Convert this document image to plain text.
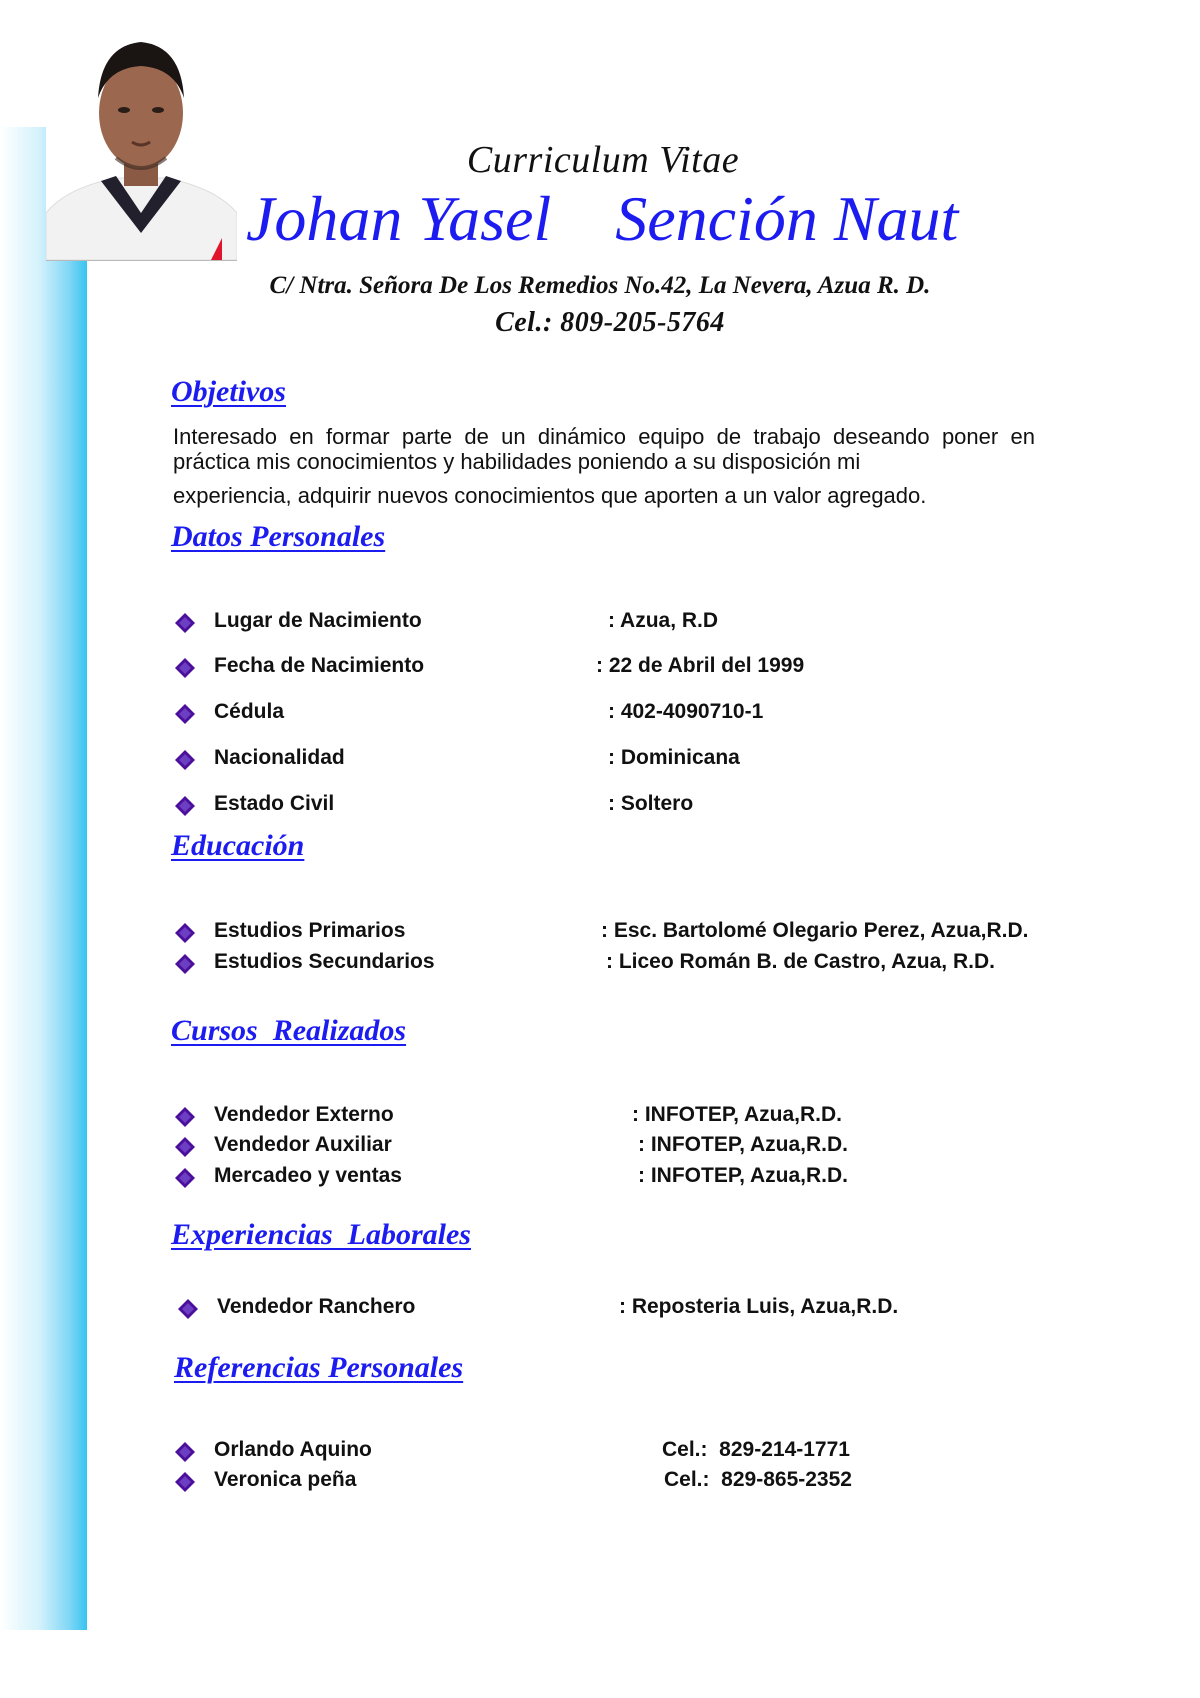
Curriculum Vitae
Johan Yasel    Sención Naut
C/ Ntra. Señora De Los Remedios No.42, La Nevera, Azua R. D.
Cel.: 809-205-5764
Objetivos

Interesado en formar parte de un dinámico equipo de trabajo deseando poner en práctica mis conocimientos y habilidades poniendo a su disposición mi
experiencia, adquirir nuevos conocimientos que aporten a un valor agregado.

Datos Personales
Lugar de Nacimiento	: Azua, R.D
Fecha de Nacimiento	: 22 de Abril del 1999
Cédula	: 402-4090710-1
Nacionalidad	: Dominicana
Estado Civil	: Soltero
Educación
Estudios Primarios	: Esc. Bartolomé Olegario Perez, Azua,R.D.
Estudios Secundarios	: Liceo Román B. de Castro, Azua, R.D.
Cursos  Realizados
Vendedor Externo	: INFOTEP, Azua,R.D.
Vendedor Auxiliar	: INFOTEP, Azua,R.D.
Mercadeo y ventas	: INFOTEP, Azua,R.D.
Experiencias  Laborales
Vendedor Ranchero	: Reposteria Luis, Azua,R.D.
Referencias Personales
Orlando Aquino	Cel.:  829-214-1771
Veronica peña	Cel.:  829-865-2352
